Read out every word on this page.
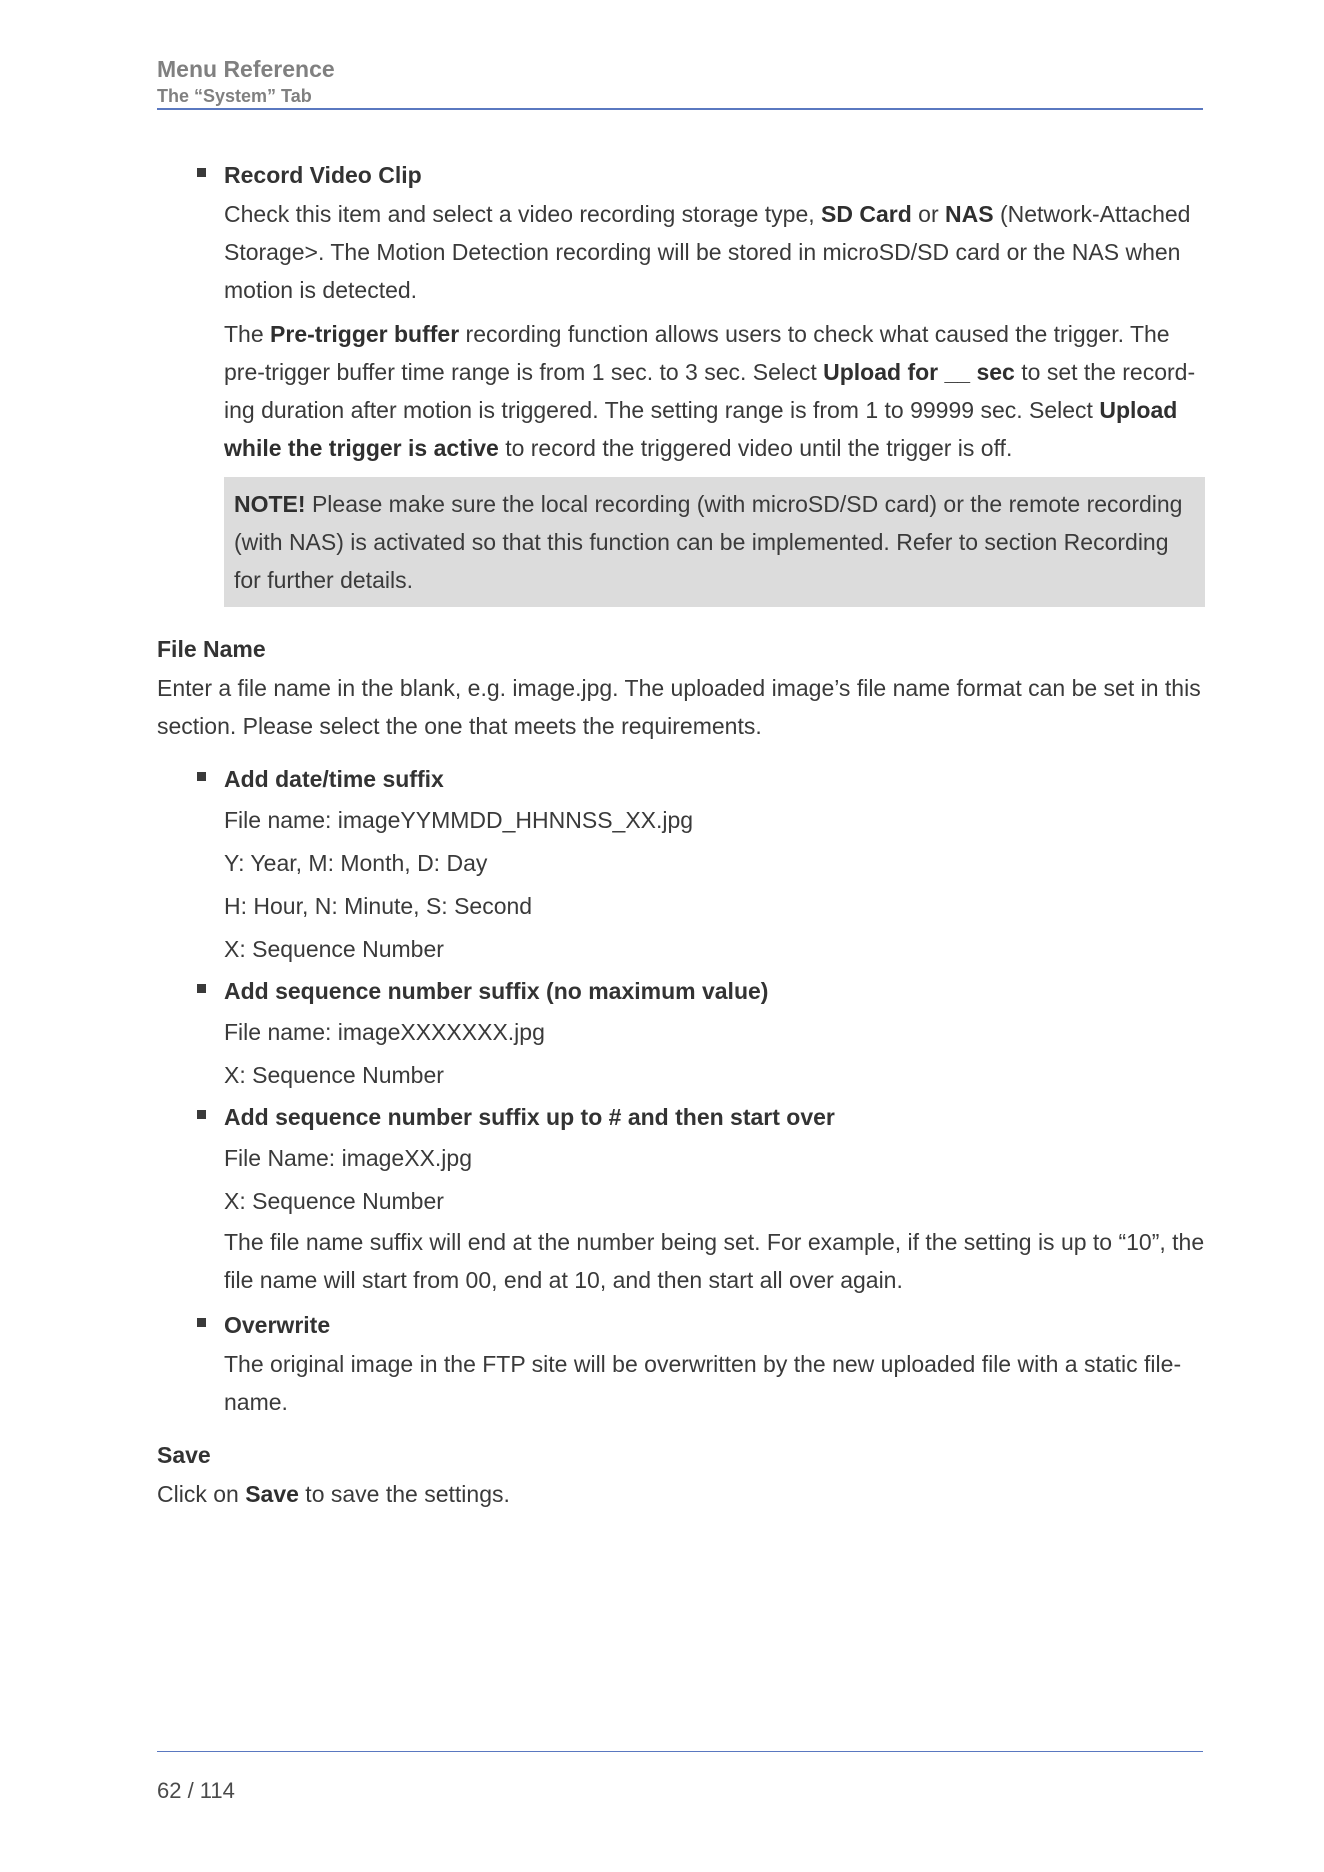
Menu Reference
The “System” Tab
Record Video Clip

Check this item and select a video recording storage type, SD Card or NAS (Network-Attached Storage>. The Motion Detection recording will be stored in microSD/SD card or the NAS when motion is detected.

The Pre-trigger buffer recording function allows users to check what caused the trigger. The pre-trigger buffer time range is from 1 sec. to 3 sec. Select Upload for __ sec to set the recording duration after motion is triggered. The setting range is from 1 to 99999 sec. Select Upload while the trigger is active to record the triggered video until the trigger is off.

NOTE! Please make sure the local recording (with microSD/SD card) or the remote recording (with NAS) is activated so that this function can be implemented. Refer to section Recording for further details.
File Name

Enter a file name in the blank, e.g. image.jpg. The uploaded image’s file name format can be set in this section. Please select the one that meets the requirements.

Add date/time suffix
File name: imageYYMMDD_HHNNSS_XX.jpg
Y: Year, M: Month, D: Day
H: Hour, N: Minute, S: Second
X: Sequence Number
Add sequence number suffix (no maximum value)
File name: imageXXXXXXX.jpg
X: Sequence Number
Add sequence number suffix up to # and then start over
File Name: imageXX.jpg
X: Sequence Number

The file name suffix will end at the number being set. For example, if the setting is up to “10”, the file name will start from 00, end at 10, and then start all over again.

Overwrite

The original image in the FTP site will be overwritten by the new uploaded file with a static filename.

Save

Click on Save to save the settings.

62 / 114
